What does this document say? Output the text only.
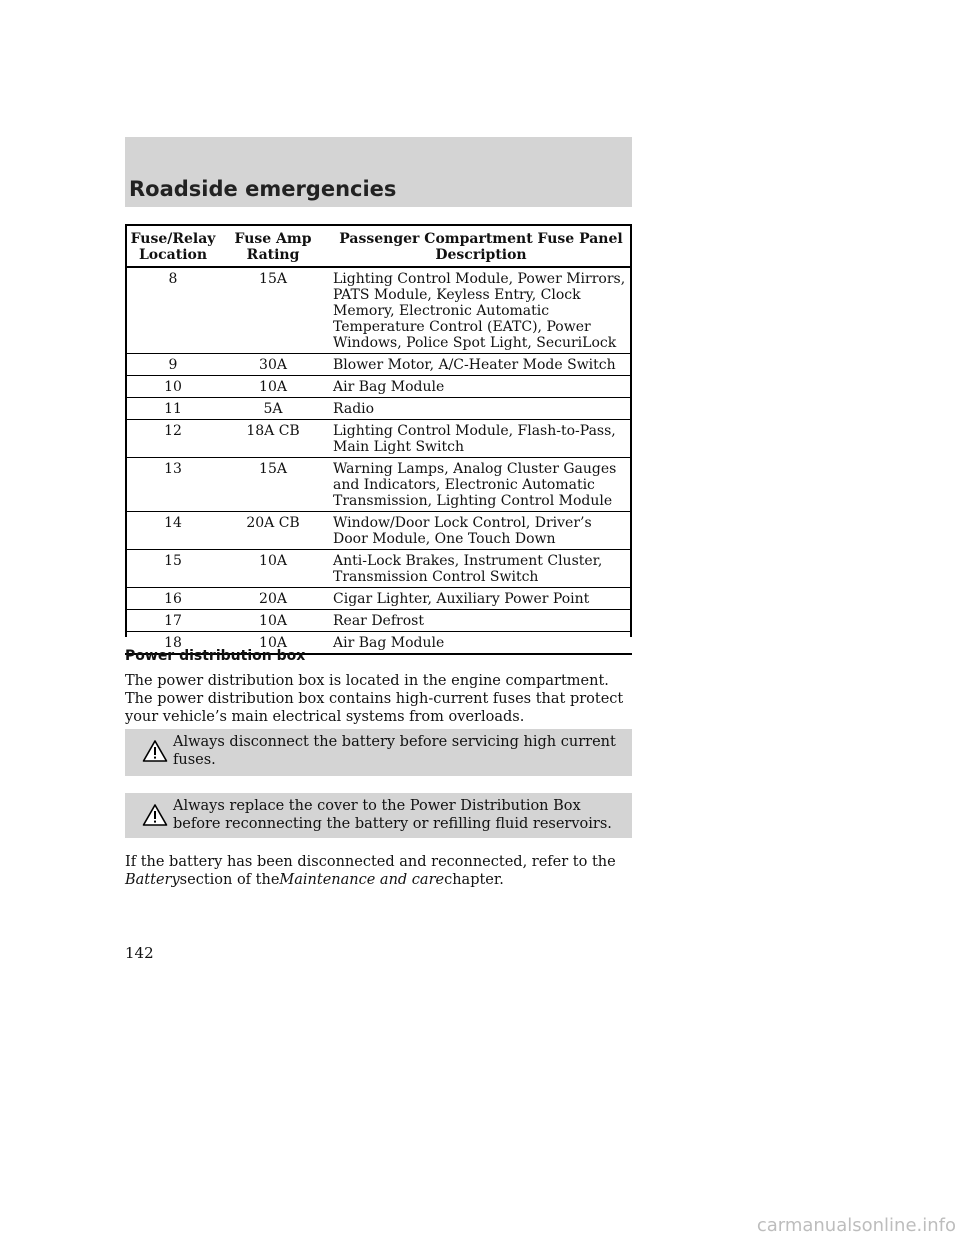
Roadside emergencies
Fuse/Relay Location	Fuse Amp Rating	Passenger Compartment Fuse Panel Description
8	15A	Lighting Control Module, Power Mirrors, PATS Module, Keyless Entry, Clock Memory, Electronic Automatic Temperature Control (EATC), Power Windows, Police Spot Light, SecuriLock
9	30A	Blower Motor, A/C-Heater Mode Switch
10	10A	Air Bag Module
11	5A	Radio
12	18A CB	Lighting Control Module, Flash-to-Pass, Main Light Switch
13	15A	Warning Lamps, Analog Cluster Gauges and Indicators, Electronic Automatic Transmission, Lighting Control Module
14	20A CB	Window/Door Lock Control, Driver’s Door Module, One Touch Down
15	10A	Anti-Lock Brakes, Instrument Cluster, Transmission Control Switch
16	20A	Cigar Lighter, Auxiliary Power Point
17	10A	Rear Defrost
18	10A	Air Bag Module
Power distribution box
The power distribution box is located in the engine compartment. The power distribution box contains high-current fuses that protect your vehicle’s main electrical systems from overloads.
Always disconnect the battery before servicing high current fuses.
Always replace the cover to the Power Distribution Box before reconnecting the battery or refilling fluid reservoirs.
If the battery has been disconnected and reconnected, refer to the Batterysection of theMaintenance and carechapter.
142
carmanualsonline.info
